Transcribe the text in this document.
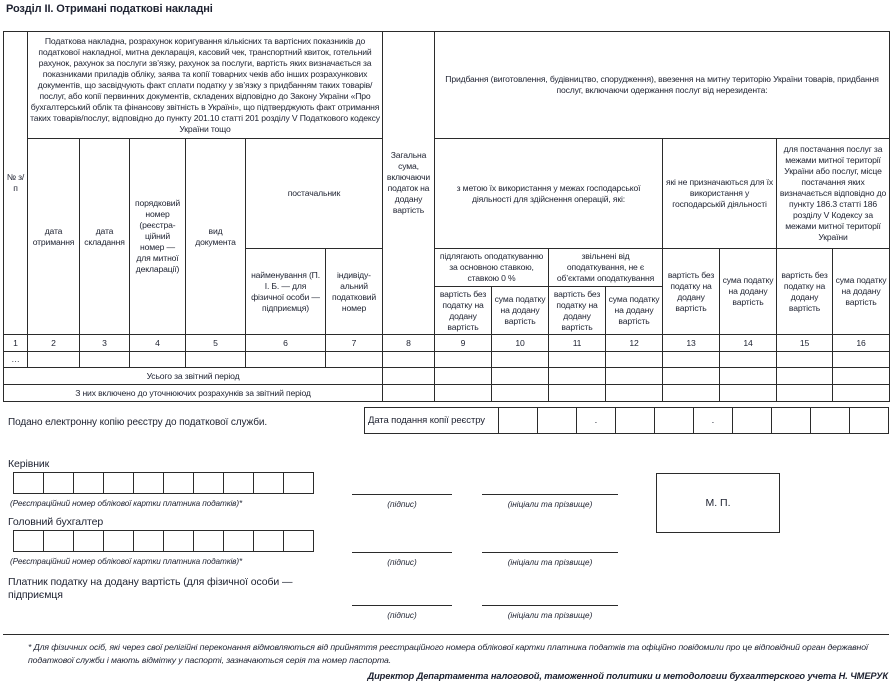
Розділ II. Отримані податкові накладні
№ з/п	Податкова накладна, розрахунок коригування кількісних та вартісних показників до податкової накладної, митна декларація, касовий чек, транспортний квиток, готельний рахунок, рахунок за послуги зв’язку, рахунок за послуги, вартість яких визначається за показниками приладів обліку, заява та копії товарних чеків або інших розрахункових документів, що засвідчують факт сплати податку у зв’язку з придбанням таких товарів/послуг, або копії первинних документів, складених відповідно до Закону України «Про бухгалтерський облік та фінансову звітність в Україні», що підтверджують факт отримання таких товарів/послуг, відповідно до пункту 201.10 статті 201 розділу V Податкового кодексу України тощо						Загальна сума, включаючи податок на додану вартість	Придбання (виготовлення, будівництво, спорудження), ввезення на митну територію України товарів, придбання послуг, включаючи одержання послуг від нерезидента:							
	дата отримання	дата складання	порядковий номер (реєстраційний номер — для митної декларації)	вид документа	постачальник			з метою їх використання у межах господарської діяльності для здійснення операцій, які:				які не призначаються для їх використання у господарській діяльності		для постачання послуг за межами митної території України або послуг, місце постачання яких визначається відповідно до пункту 186.3 статті 186 розділу V Кодексу за межами митної території України	
					найменування (П. І. Б. — для фізичної особи — підприємця)	індивідуальний податковий номер		підлягають оподаткуванню за основною ставкою, ставкою 0 %		звільнені від оподаткування, не є об’єктами оподаткування		вартість без податку на додану вартість	сума податку на додану вартість	вартість без податку на додану вартість	сума податку на додану вартість
								вартість без податку на додану вартість	сума податку на додану вартість	вартість без податку на додану вартість	сума податку на додану вартість				
1	2	3	4	5	6	7	8	9	10	11	12	13	14	15	16
…															
Усього за звітний період															
З них включено до уточнюючих розрахунків за звітний період															
Подано електронну копію реєстру до податкової служби.	Дата подання копії реєстру			.			.				
Керівник

(Реєстраційний номер облікової картки платника податків)*	(підпис)	(ініціали та прізвище)	М. П.
Головний бухгалтер

(Реєстраційний номер облікової картки платника податків)*	(підпис)	(ініціали та прізвище)
Платник податку на додану вартість (для фізичної особи — підприємця
(підпис)	(ініціали та прізвище)
* Для фізичних осіб, які через свої релігійні переконання відмовляються від прийняття реєстраційного номера облікової картки платника податків та офіційно повідомили про це відповідний орган державної податкової служби і мають відмітку у паспорті, зазначаються серія та номер паспорта.
Директор Департамента налоговой, таможенной политики и методологии бухгалтерского учета Н. ЧМЕРУК
